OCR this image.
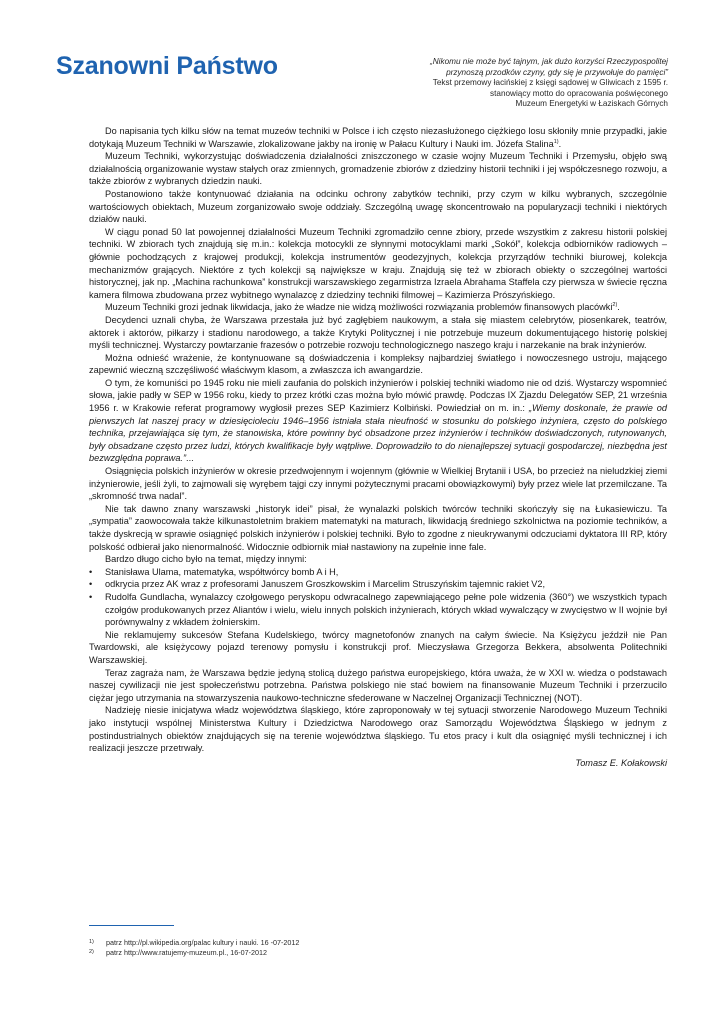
Szanowni Państwo	„Nikomu nie może być tajnym, jak dużo korzyści Rzeczypospolitej
przynoszą przodków czyny, gdy się je przywołuje do pamięci”
Tekst przemowy łacińskiej z księgi sądowej w Gliwicach z 1595 r.
stanowiący motto do opracowania poświęconego
Muzeum Energetyki w Łaziskach Górnych

Do napisania tych kilku słów na temat muzeów techniki w Polsce i ich często niezasłużonego ciężkiego losu skłoniły mnie przypadki, jakie dotykają Muzeum Techniki w Warszawie, zlokalizowane jakby na ironię w Pałacu Kultury i Nauki im. Józefa Stalina$^{1)}$.

Muzeum Techniki, wykorzystując doświadczenia działalności zniszczonego w czasie wojny Muzeum Techniki i Przemysłu, objęło swą działalnością organizowanie wystaw stałych oraz zmiennych, gromadzenie zbiorów z dziedziny historii techniki i jej współczesnego rozwoju, a także zbiorów z wybranych dziedzin nauki.

Postanowiono także kontynuować działania na odcinku ochrony zabytków techniki, przy czym w kilku wybranych, szczególnie wartościowych obiektach, Muzeum zorganizowało swoje oddziały. Szczególną uwagę skoncentrowało na popularyzacji techniki i niektórych działów nauki.

W ciągu ponad 50 lat powojennej działalności Muzeum Techniki zgromadziło cenne zbiory, przede wszystkim z zakresu historii polskiej techniki. W zbiorach tych znajdują się m.in.: kolekcja motocykli ze słynnymi motocyklami marki „Sokół”, kolekcja odbiorników radiowych – głównie pochodzących z krajowej produkcji, kolekcja instrumentów geodezyjnych, kolekcja przyrządów techniki biurowej, kolekcja mechanizmów grających. Niektóre z tych kolekcji są największe w kraju. Znajdują się też w zbiorach obiekty o szczególnej wartości historycznej, jak np. „Machina rachunkowa” konstrukcji warszawskiego zegarmistrza Izraela Abrahama Staffela czy pierwsza w świecie ręczna kamera filmowa zbudowana przez wybitnego wynalazcę z dziedziny techniki filmowej – Kazimierza Prószyńskiego.

Muzeum Techniki grozi jednak likwidacja, jako że władze nie widzą możliwości rozwiązania problemów finansowych placówki$^{2)}$.

Decydenci uznali chyba, że Warszawa przestała już być zagłębiem naukowym, a stała się miastem celebrytów, piosenkarek, teatrów, aktorek i aktorów, piłkarzy i stadionu narodowego, a także Krytyki Politycznej i nie potrzebuje muzeum dokumentującego historię polskiej myśli technicznej. Wystarczy powtarzanie frazesów o potrzebie rozwoju technologicznego naszego kraju i narzekanie na brak inżynierów.

Można odnieść wrażenie, że kontynuowane są doświadczenia i kompleksy najbardziej światłego i nowoczesnego ustroju, mającego zapewnić wieczną szczęśliwość właściwym klasom, a zwłaszcza ich awangardzie.

O tym, że komuniści po 1945 roku nie mieli zaufania do polskich inżynierów i polskiej techniki wiadomo nie od dziś. Wystarczy wspomnieć słowa, jakie padły w SEP w 1956 roku, kiedy to przez krótki czas można było mówić prawdę. Podczas IX Zjazdu Delegatów SEP, 21 września 1956 r. w Krakowie referat programowy wygłosił prezes SEP Kazimierz Kolbiński. Powiedział on m. in.: „Wiemy doskonale, że prawie od pierwszych lat naszej pracy w dziesięcioleciu 1946–1956 istniała stała nieufność w stosunku do polskiego inżyniera, często do polskiego technika, przejawiająca się tym, że stanowiska, które powinny być obsadzone przez inżynierów i techników doświadczonych, rutynowanych, były obsadzane często przez ludzi, których kwalifikacje były wątpliwe. Doprowadziło to do nienajlepszej sytuacji gospodarczej, niezbędna jest bezwzględna poprawa.”...

Osiągnięcia polskich inżynierów w okresie przedwojennym i wojennym (głównie w Wielkiej Brytanii i USA, bo przecież na nieludzkiej ziemi inżynierowie, jeśli żyli, to zajmowali się wyrębem tajgi czy innymi pożytecznymi pracami obowiązkowymi) były przez wiele lat przemilczane. Ta „skromność trwa nadal”.

Nie tak dawno znany warszawski „historyk idei” pisał, że wynalazki polskich twórców techniki skończyły się na Łukasiewiczu. Ta „sympatia” zaowocowała także kilkunastoletnim brakiem matematyki na maturach, likwidacją średniego szkolnictwa na poziomie techników, a także dyskrecją w sprawie osiągnięć polskich inżynierów i polskiej techniki. Było to zgodne z nieukrywanymi odczuciami dyktatora III RP, który polskość odbierał jako nienormalność. Widocznie odbiornik miał nastawiony na zupełnie inne fale.

Bardzo długo cicho było na temat, między innymi:

• Stanisława Ulama, matematyka, współtwórcy bomb A i H,
• odkrycia przez AK wraz z profesorami Januszem Groszkowskim i Marcelim Struszyńskim tajemnic rakiet V2,
• Rudolfa Gundlacha, wynalazcy czołgowego peryskopu odwracalnego zapewniającego pełne pole widzenia (360°) we wszystkich typach czołgów produkowanych przez Aliantów i wielu, wielu innych polskich inżynierach, których wkład wywalczący w zwycięstwo w II wojnie był porównywalny z wkładem żołnierskim.

Nie reklamujemy sukcesów Stefana Kudelskiego, twórcy magnetofonów znanych na całym świecie. Na Księżycu jeździł nie Pan Twardowski, ale księżycowy pojazd terenowy pomysłu i konstrukcji prof. Mieczysława Grzegorza Bekkera, absolwenta Politechniki Warszawskiej.

Teraz zagraża nam, że Warszawa będzie jedyną stolicą dużego państwa europejskiego, która uważa, że w XXI w. wiedza o podstawach naszej cywilizacji nie jest społeczeństwu potrzebna. Państwa polskiego nie stać bowiem na finansowanie Muzeum Techniki i przerzucilo ciężar jego utrzymania na stowarzyszenia naukowo-techniczne sfederowane w Naczelnej Organizacji Technicznej (NOT).

Nadzieję niesie inicjatywa władz województwa śląskiego, które zaproponowały w tej sytuacji stworzenie Narodowego Muzeum Techniki jako instytucji wspólnej Ministerstwa Kultury i Dziedzictwa Narodowego oraz Samorządu Województwa Śląskiego w jednym z postindustrialnych obiektów znajdujących się na terenie województwa śląskiego. Tu etos pracy i kult dla osiągnięć myśli technicznej i ich realizacji jeszcze przetrwały.

Tomasz E. Kołakowski
1)	patrz http://pl.wikipedia.org/palac kultury i nauki. 16 -07-2012
2)	patrz http://www.ratujemy-muzeum.pl., 16-07-2012
